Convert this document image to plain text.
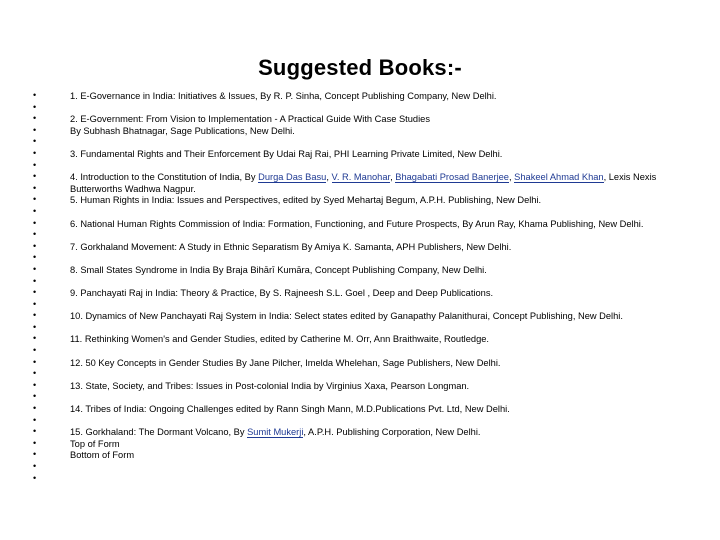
Suggested Books:-
•
•
•
•
•
•
•
•
•
•
•
•
•
•
•
•
•
•
•
•
•
•
•
•
•
•
•
•
•
•
•
•
•
•
1. E-Governance in India: Initiatives & Issues, By R. P. Sinha, Concept Publishing Company, New Delhi.
2. E-Government: From Vision to Implementation - A Practical Guide With Case Studies
By Subhash Bhatnagar, Sage Publications, New Delhi.
3. Fundamental Rights and Their Enforcement By Udai Raj Rai, PHI Learning Private Limited, New Delhi.
4. Introduction to the Constitution of India, By Durga Das Basu, V. R. Manohar, Bhagabati Prosad Banerjee, Shakeel Ahmad Khan, Lexis Nexis
Butterworths Wadhwa Nagpur.
5. Human Rights in India: Issues and Perspectives, edited by Syed Mehartaj Begum, A.P.H. Publishing, New Delhi.
6. National Human Rights Commission of India: Formation, Functioning, and Future Prospects, By Arun Ray, Khama Publishing, New Delhi.
7. Gorkhaland Movement: A Study in Ethnic Separatism By Amiya K. Samanta, APH Publishers, New Delhi.
8. Small States Syndrome in India By Braja Bihārī Kumāra, Concept Publishing Company, New Delhi.
9. Panchayati Raj in India: Theory & Practice, By S. Rajneesh S.L. Goel , Deep and Deep Publications.
10. Dynamics of New Panchayati Raj System in India: Select states edited by Ganapathy Palanithurai, Concept Publishing, New Delhi.
11. Rethinking Women's and Gender Studies, edited by Catherine M. Orr, Ann Braithwaite, Routledge.
12. 50 Key Concepts in Gender Studies By Jane Pilcher, Imelda Whelehan, Sage Publishers, New Delhi.
13. State, Society, and Tribes: Issues in Post-colonial India by Virginius Xaxa, Pearson Longman.
14. Tribes of India: Ongoing Challenges edited by Rann Singh Mann, M.D.Publications Pvt. Ltd, New Delhi.
15. Gorkhaland: The Dormant Volcano, By Sumit Mukerji, A.P.H. Publishing Corporation, New Delhi.
Top of Form
Bottom of Form
